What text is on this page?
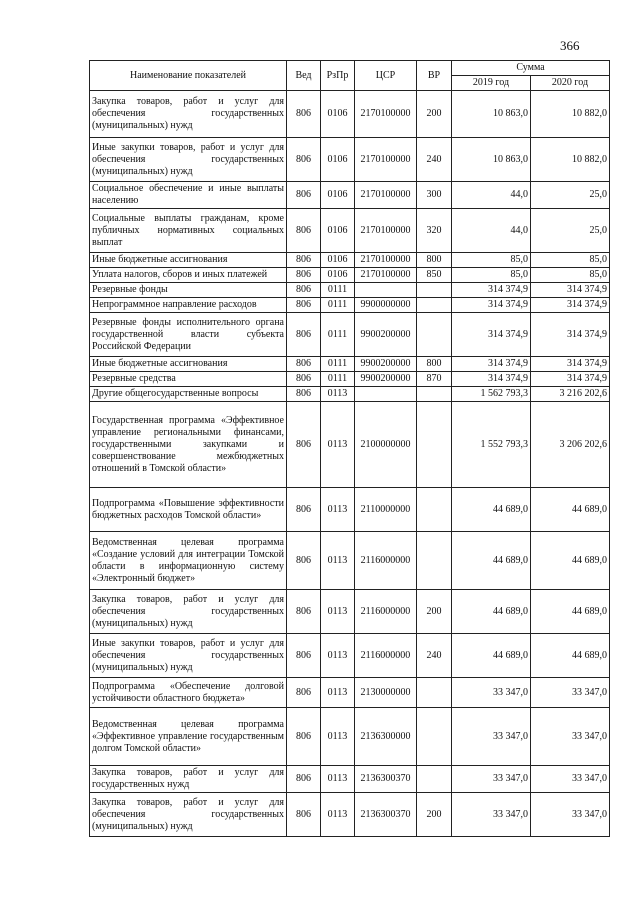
366
Наименование показателей	Вед	РзПр	ЦСР	ВР	Сумма	
					2019 год	2020 год
Закупка товаров, работ и услуг для обеспечения государственных (муниципальных) нужд	806	0106	2170100000	200	10 863,0	10 882,0
Иные закупки товаров, работ и услуг для обеспечения государственных (муниципальных) нужд	806	0106	2170100000	240	10 863,0	10 882,0
Социальное обеспечение и иные выплаты населению	806	0106	2170100000	300	44,0	25,0
Социальные выплаты гражданам, кроме публичных нормативных социальных выплат	806	0106	2170100000	320	44,0	25,0
Иные бюджетные ассигнования	806	0106	2170100000	800	85,0	85,0
Уплата налогов, сборов и иных платежей	806	0106	2170100000	850	85,0	85,0
Резервные фонды	806	0111			314 374,9	314 374,9
Непрограммное направление расходов	806	0111	9900000000		314 374,9	314 374,9
Резервные фонды исполнительного органа государственной власти субъекта Российской Федерации	806	0111	9900200000		314 374,9	314 374,9
Иные бюджетные ассигнования	806	0111	9900200000	800	314 374,9	314 374,9
Резервные средства	806	0111	9900200000	870	314 374,9	314 374,9
Другие общегосударственные вопросы	806	0113			1 562 793,3	3 216 202,6
Государственная программа «Эффективное управление региональными финансами, государственными закупками и совершенствование межбюджетных отношений в Томской области»	806	0113	2100000000		1 552 793,3	3 206 202,6
Подпрограмма «Повышение эффективности бюджетных расходов Томской области»	806	0113	2110000000		44 689,0	44 689,0
Ведомственная целевая программа «Создание условий для интеграции Томской области в информационную систему «Электронный бюджет»	806	0113	2116000000		44 689,0	44 689,0
Закупка товаров, работ и услуг для обеспечения государственных (муниципальных) нужд	806	0113	2116000000	200	44 689,0	44 689,0
Иные закупки товаров, работ и услуг для обеспечения государственных (муниципальных) нужд	806	0113	2116000000	240	44 689,0	44 689,0
Подпрограмма «Обеспечение долговой устойчивости областного бюджета»	806	0113	2130000000		33 347,0	33 347,0
Ведомственная целевая программа «Эффективное управление государственным долгом Томской области»	806	0113	2136300000		33 347,0	33 347,0
Закупка товаров, работ и услуг для государственных нужд	806	0113	2136300370		33 347,0	33 347,0
Закупка товаров, работ и услуг для обеспечения государственных (муниципальных) нужд	806	0113	2136300370	200	33 347,0	33 347,0
